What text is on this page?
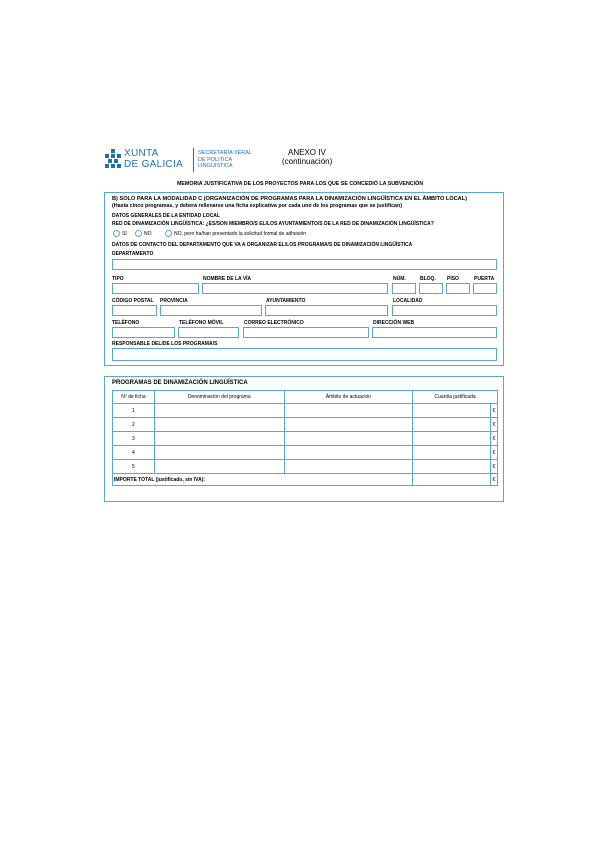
XUNTA
DE GALICIA
SECRETARÍA XERAL
DE POLÍTICA
LINGÜÍSTICA
ANEXO IV
(continuación)
MEMORIA JUSTIFICATIVA DE LOS PROYECTOS PARA LOS QUE SE CONCEDIÓ LA SUBVENCIÓN
B) SOLO PARA LA MODALIDAD C (ORGANIZACIÓN DE PROGRAMAS PARA LA DINAMIZACIÓN LINGÜÍSTICA EN EL ÁMBITO LOCAL)
(Hasta cinco programas, y deberá rellenarse una ficha explicativa por cada uno de los programas que se justifican)
DATOS GENERALES DE LA ENTIDAD LOCAL
RED DE DINAMIZACIÓN LINGÜÍSTICA: ¿ES/SON MIEMBRO/S EL/LOS AYUNTAMIENTO/S DE LA RED DE DINAMIZACIÓN LINGÜÍSTICA?
SÍ	NO	NO, pero ha/han presentado la solicitud formal de adhesión
DATOS DE CONTACTO DEL DEPARTAMENTO QUE VA A ORGANIZAR EL/LOS PROGRAMA/S DE DINAMIZACIÓN LINGÜÍSTICA
DEPARTAMENTO
TIPO	NOMBRE DE LA VÍA	NÚM.	BLOQ. PISO	PUERTA
CÓDIGO POSTAL PROVINCIA	AYUNTAMIENTO	LOCALIDAD
TELÉFONO	TELÉFONO MÓVIL	CORREO ELECTRÓNICO	DIRECCIÓN WEB
RESPONSABLE DEL/DE LOS PROGRAMA/S
PROGRAMAS DE DINAMIZACIÓN LINGÜÍSTICA
Nº de ficha	Denominación del programa	Ámbito de actuación	Cuantía justificada	
1				€
2				€
3				€
4				€
5				€
IMPORTE TOTAL (justificado, sin IVA):				€
